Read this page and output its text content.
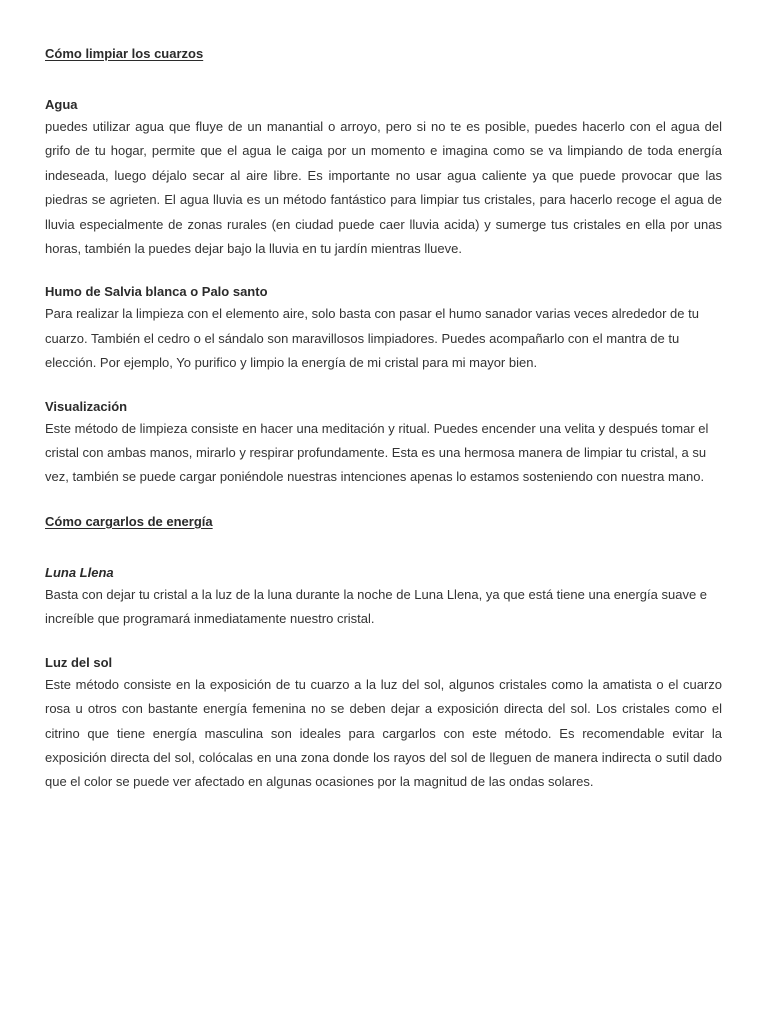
Cómo limpiar los cuarzos

Agua

puedes utilizar agua que fluye de un manantial o arroyo, pero si no te es posible, puedes hacerlo con el agua del grifo de tu hogar, permite que el agua le caiga por un momento e imagina como se va limpiando de toda energía indeseada, luego déjalo secar al aire libre. Es importante no usar agua caliente ya que puede provocar que las piedras se agrieten. El agua lluvia es un método fantástico para limpiar tus cristales, para hacerlo recoge el agua de lluvia especialmente de zonas rurales (en ciudad puede caer lluvia acida) y sumerge tus cristales en ella por unas horas, también la puedes dejar bajo la lluvia en tu jardín mientras llueve.

Humo de Salvia blanca o Palo santo

Para realizar la limpieza con el elemento aire, solo basta con pasar el humo sanador varias veces alrededor de tu cuarzo. También el cedro o el sándalo son maravillosos limpiadores. Puedes acompañarlo con el mantra de tu elección. Por ejemplo, Yo purifico y limpio la energía de mi cristal para mi mayor bien.

Visualización

Este método de limpieza consiste en hacer una meditación y ritual. Puedes encender una velita y después tomar el cristal con ambas manos, mirarlo y respirar profundamente. Esta es una hermosa manera de limpiar tu cristal, a su vez, también se puede cargar poniéndole nuestras intenciones apenas lo estamos sosteniendo con nuestra mano.

Cómo cargarlos de energía

Luna Llena

Basta con dejar tu cristal a la luz de la luna durante la noche de Luna Llena, ya que está tiene una energía suave e increíble que programará inmediatamente nuestro cristal.

Luz del sol

Este método consiste en la exposición de tu cuarzo a la luz del sol, algunos cristales como la amatista o el cuarzo rosa u otros con bastante energía femenina no se deben dejar a exposición directa del sol. Los cristales como el citrino que tiene energía masculina son ideales para cargarlos con este método. Es recomendable evitar la exposición directa del sol, colócalas en una zona donde los rayos del sol de lleguen de manera indirecta o sutil dado que el color se puede ver afectado en algunas ocasiones por la magnitud de las ondas solares.
